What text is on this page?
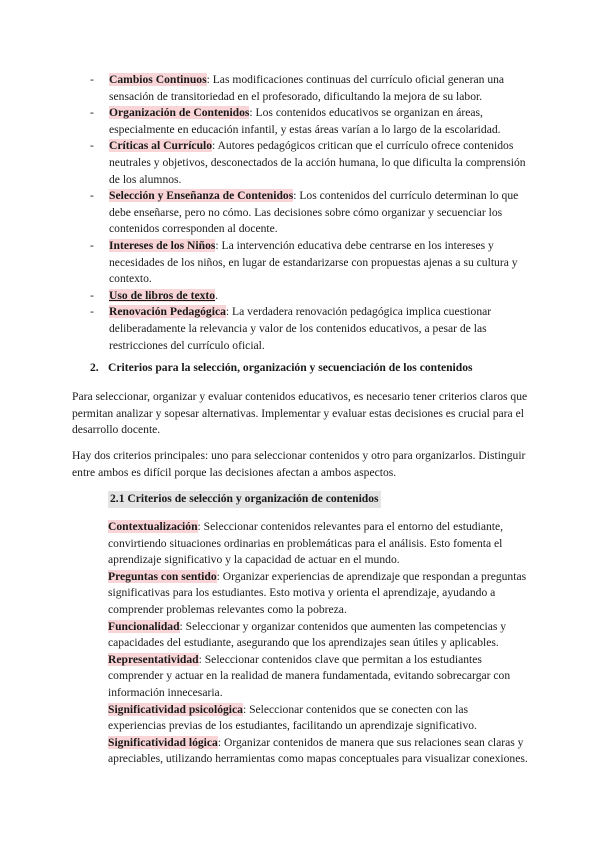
- Cambios Continuos: Las modificaciones continuas del currículo oficial generan una sensación de transitoriedad en el profesorado, dificultando la mejora de su labor.
- Organización de Contenidos: Los contenidos educativos se organizan en áreas, especialmente en educación infantil, y estas áreas varían a lo largo de la escolaridad.
- Críticas al Currículo: Autores pedagógicos critican que el currículo ofrece contenidos neutrales y objetivos, desconectados de la acción humana, lo que dificulta la comprensión de los alumnos.
- Selección y Enseñanza de Contenidos: Los contenidos del currículo determinan lo que debe enseñarse, pero no cómo. Las decisiones sobre cómo organizar y secuenciar los contenidos corresponden al docente.
- Intereses de los Niños: La intervención educativa debe centrarse en los intereses y necesidades de los niños, en lugar de estandarizarse con propuestas ajenas a su cultura y contexto.
- Uso de libros de texto.
- Renovación Pedagógica: La verdadera renovación pedagógica implica cuestionar deliberadamente la relevancia y valor de los contenidos educativos, a pesar de las restricciones del currículo oficial.
2. Criterios para la selección, organización y secuenciación de los contenidos
Para seleccionar, organizar y evaluar contenidos educativos, es necesario tener criterios claros que permitan analizar y sopesar alternativas. Implementar y evaluar estas decisiones es crucial para el desarrollo docente.
Hay dos criterios principales: uno para seleccionar contenidos y otro para organizarlos. Distinguir entre ambos es difícil porque las decisiones afectan a ambos aspectos.
2.1 Criterios de selección y organización de contenidos
Contextualización: Seleccionar contenidos relevantes para el entorno del estudiante, convirtiendo situaciones ordinarias en problemáticas para el análisis. Esto fomenta el aprendizaje significativo y la capacidad de actuar en el mundo.
Preguntas con sentido: Organizar experiencias de aprendizaje que respondan a preguntas significativas para los estudiantes. Esto motiva y orienta el aprendizaje, ayudando a comprender problemas relevantes como la pobreza.
Funcionalidad: Seleccionar y organizar contenidos que aumenten las competencias y capacidades del estudiante, asegurando que los aprendizajes sean útiles y aplicables.
Representatividad: Seleccionar contenidos clave que permitan a los estudiantes comprender y actuar en la realidad de manera fundamentada, evitando sobrecargar con información innecesaria.
Significatividad psicológica: Seleccionar contenidos que se conecten con las experiencias previas de los estudiantes, facilitando un aprendizaje significativo.
Significatividad lógica: Organizar contenidos de manera que sus relaciones sean claras y apreciables, utilizando herramientas como mapas conceptuales para visualizar conexiones.
